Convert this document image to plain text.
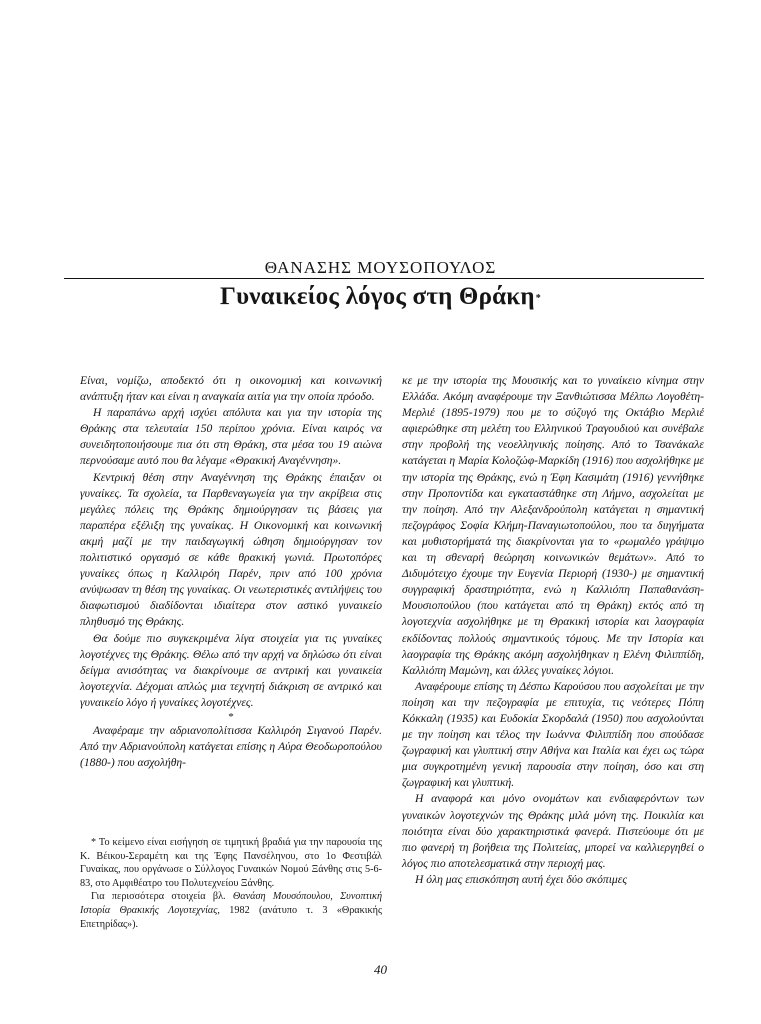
ΘΑΝΑΣΗΣ ΜΟΥΣΟΠΟΥΛΟΣ
Γυναικείος λόγος στη Θράκη*

Είναι, νομίζω, αποδεκτό ότι η οικονομική και κοινωνική ανάπτυξη ήταν και είναι η αναγκαία αιτία για την οποία πρόοδο.

Η παραπάνω αρχή ισχύει απόλυτα και για την ιστορία της Θράκης στα τελευταία 150 περίπου χρόνια. Είναι καιρός να συνειδητοποιήσουμε πια ότι στη Θράκη, στα μέσα του 19 αιώνα περνούσαμε αυτό που θα λέγαμε «Θρακική Αναγέννηση».

Κεντρική θέση στην Αναγέννηση της Θράκης έπαιξαν οι γυναίκες. Τα σχολεία, τα Παρθεναγωγεία για την ακρίβεια στις μεγάλες πόλεις της Θράκης δημιούργησαν τις βάσεις για παραπέρα εξέλιξη της γυναίκας. Η Οικονομική και κοινωνική ακμή μαζί με την παιδαγωγική ώθηση δημιούργησαν τον πολιτιστικό οργασμό σε κάθε θρακική γωνιά. Πρωτοπόρες γυναίκες όπως η Καλλιρόη Παρέν, πριν από 100 χρόνια ανύψωσαν τη θέση της γυναίκας. Οι νεωτεριστικές αντιλήψεις του διαφωτισμού διαδίδονται ιδιαίτερα στον αστικό γυναικείο πληθυσμό της Θράκης.

Θα δούμε πιο συγκεκριμένα λίγα στοιχεία για τις γυναίκες λογοτέχνες της Θράκης. Θέλω από την αρχή να δηλώσω ότι είναι δείγμα ανισότητας να διακρίνουμε σε αντρική και γυναικεία λογοτεχνία. Δέχομαι απλώς μια τεχνητή διάκριση σε αντρικό και γυναικείο λόγο ή γυναίκες λογοτέχνες.

*

Αναφέραμε την αδριανοπολίτισσα Καλλιρόη Σιγανού Παρέν. Από την Αδριανούπολη κατάγεται επίσης η Αύρα Θεοδωροπούλου (1880-) που ασχολήθη-

κε με την ιστορία της Μουσικής και το γυναίκειο κίνημα στην Ελλάδα. Ακόμη αναφέρουμε την Ξανθιώτισσα Μέλπω Λογοθέτη-Μερλιέ (1895-1979) που με το σύζυγό της Οκτάβιο Μερλιέ αφιερώθηκε στη μελέτη του Ελληνικού Τραγουδιού και συνέβαλε στην προβολή της νεοελληνικής ποίησης. Από το Τσανάκαλε κατάγεται η Μαρία Κολοζώφ-Μαρκίδη (1916) που ασχολήθηκε με την ιστορία της Θράκης, ενώ η Έφη Κασιμάτη (1916) γεννήθηκε στην Προποντίδα και εγκαταστάθηκε στη Λήμνο, ασχολείται με την ποίηση. Από την Αλεξανδρούπολη κατάγεται η σημαντική πεζογράφος Σοφία Κλήμη-Παναγιωτοπούλου, που τα διηγήματα και μυθιστορήματά της διακρίνονται για το «ρωμαλέο γράψιμο και τη σθεναρή θεώρηση κοινωνικών θεμάτων». Από το Διδυμότειχο έχουμε την Ευγενία Περιορή (1930-) με σημαντική συγγραφική δραστηριότητα, ενώ η Καλλιόπη Παπαθανάση-Μουσιοπούλου (που κατάγεται από τη Θράκη) εκτός από τη λογοτεχνία ασχολήθηκε με τη Θρακική ιστορία και λαογραφία εκδίδοντας πολλούς σημαντικούς τόμους. Με την Ιστορία και λαογραφία της Θράκης ακόμη ασχολήθηκαν η Ελένη Φιλιππίδη, Καλλιόπη Μαμώνη, και άλλες γυναίκες λόγιοι.

Αναφέρουμε επίσης τη Δέσπω Καρούσου που ασχολείται με την ποίηση και την πεζογραφία με επιτυχία, τις νεότερες Πόπη Κόκκαλη (1935) και Ευδοκία Σκορδαλά (1950) που ασχολούνται με την ποίηση και τέλος την Ιωάννα Φιλιππίδη που σπούδασε ζωγραφική και γλυπτική στην Αθήνα και Ιταλία και έχει ως τώρα μια συγκροτημένη γενική παρουσία στην ποίηση, όσο και στη ζωγραφική και γλυπτική.

Η αναφορά και μόνο ονομάτων και ενδιαφερόντων των γυναικών λογοτεχνών της Θράκης μιλά μόνη της. Ποικιλία και ποιότητα είναι δύο χαρακτηριστικά φανερά. Πιστεύουμε ότι με πιο φανερή τη βοήθεια της Πολιτείας, μπορεί να καλλιεργηθεί ο λόγος πιο αποτελεσματικά στην περιοχή μας.

Η όλη μας επισκόπηση αυτή έχει δύο σκόπιμες

* Το κείμενο είναι εισήγηση σε τιμητική βραδιά για την παρουσία της Κ. Βέικου-Σεραμέτη και της Έφης Πανσέληνου, στο 1ο Φεστιβάλ Γυναίκας, που οργάνωσε ο Σύλλογος Γυναικών Νομού Ξάνθης στις 5-6-83, στο Αμφιθέατρο του Πολυτεχνείου Ξάνθης.

Για περισσότερα στοιχεία βλ. Θανάση Μουσόπουλου, Συνοπτική Ιστορία Θρακικής Λογοτεχνίας, 1982 (ανάτυπο τ. 3 «Θρακικής Επετηρίδας»).

40
